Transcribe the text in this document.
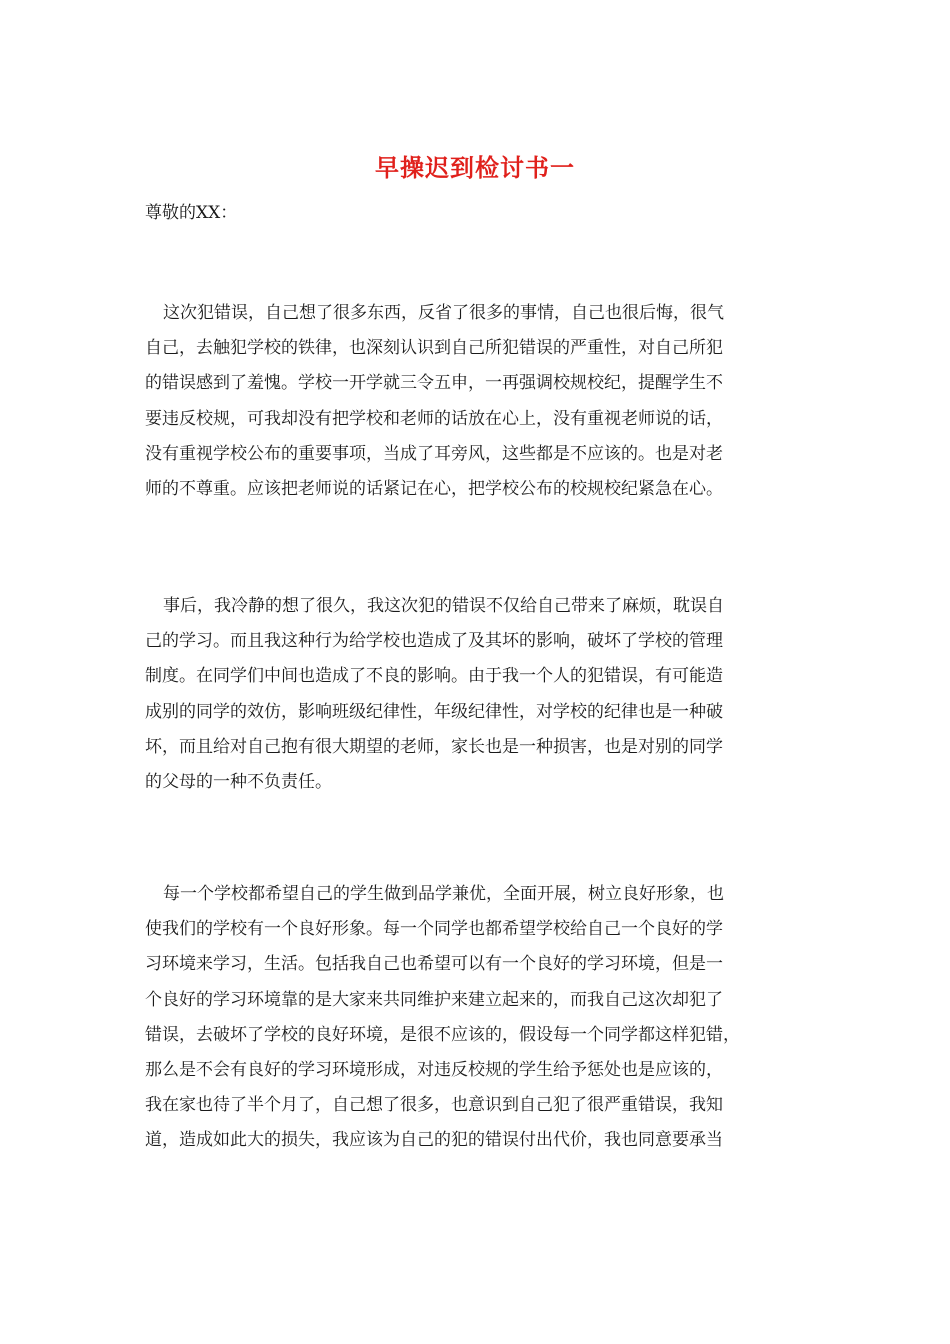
早操迟到检讨书一
尊敬的XX：
这次犯错误，自己想了很多东西，反省了很多的事情，自己也很后悔，很气
自己，去触犯学校的铁律，也深刻认识到自己所犯错误的严重性，对自己所犯
的错误感到了羞愧。学校一开学就三令五申，一再强调校规校纪，提醒学生不
要违反校规，可我却没有把学校和老师的话放在心上，没有重视老师说的话，
没有重视学校公布的重要事项，当成了耳旁风，这些都是不应该的。也是对老
师的不尊重。应该把老师说的话紧记在心，把学校公布的校规校纪紧急在心。
事后，我冷静的想了很久，我这次犯的错误不仅给自己带来了麻烦，耽误自
己的学习。而且我这种行为给学校也造成了及其坏的影响，破坏了学校的管理
制度。在同学们中间也造成了不良的影响。由于我一个人的犯错误，有可能造
成别的同学的效仿，影响班级纪律性，年级纪律性，对学校的纪律也是一种破
坏，而且给对自己抱有很大期望的老师，家长也是一种损害，也是对别的同学
的父母的一种不负责任。
每一个学校都希望自己的学生做到品学兼优，全面开展，树立良好形象，也
使我们的学校有一个良好形象。每一个同学也都希望学校给自己一个良好的学
习环境来学习，生活。包括我自己也希望可以有一个良好的学习环境，但是一
个良好的学习环境靠的是大家来共同维护来建立起来的，而我自己这次却犯了
错误，去破坏了学校的良好环境，是很不应该的，假设每一个同学都这样犯错，
那么是不会有良好的学习环境形成，对违反校规的学生给予惩处也是应该的，
我在家也待了半个月了，自己想了很多，也意识到自己犯了很严重错误，我知
道，造成如此大的损失，我应该为自己的犯的错误付出代价，我也同意要承当
